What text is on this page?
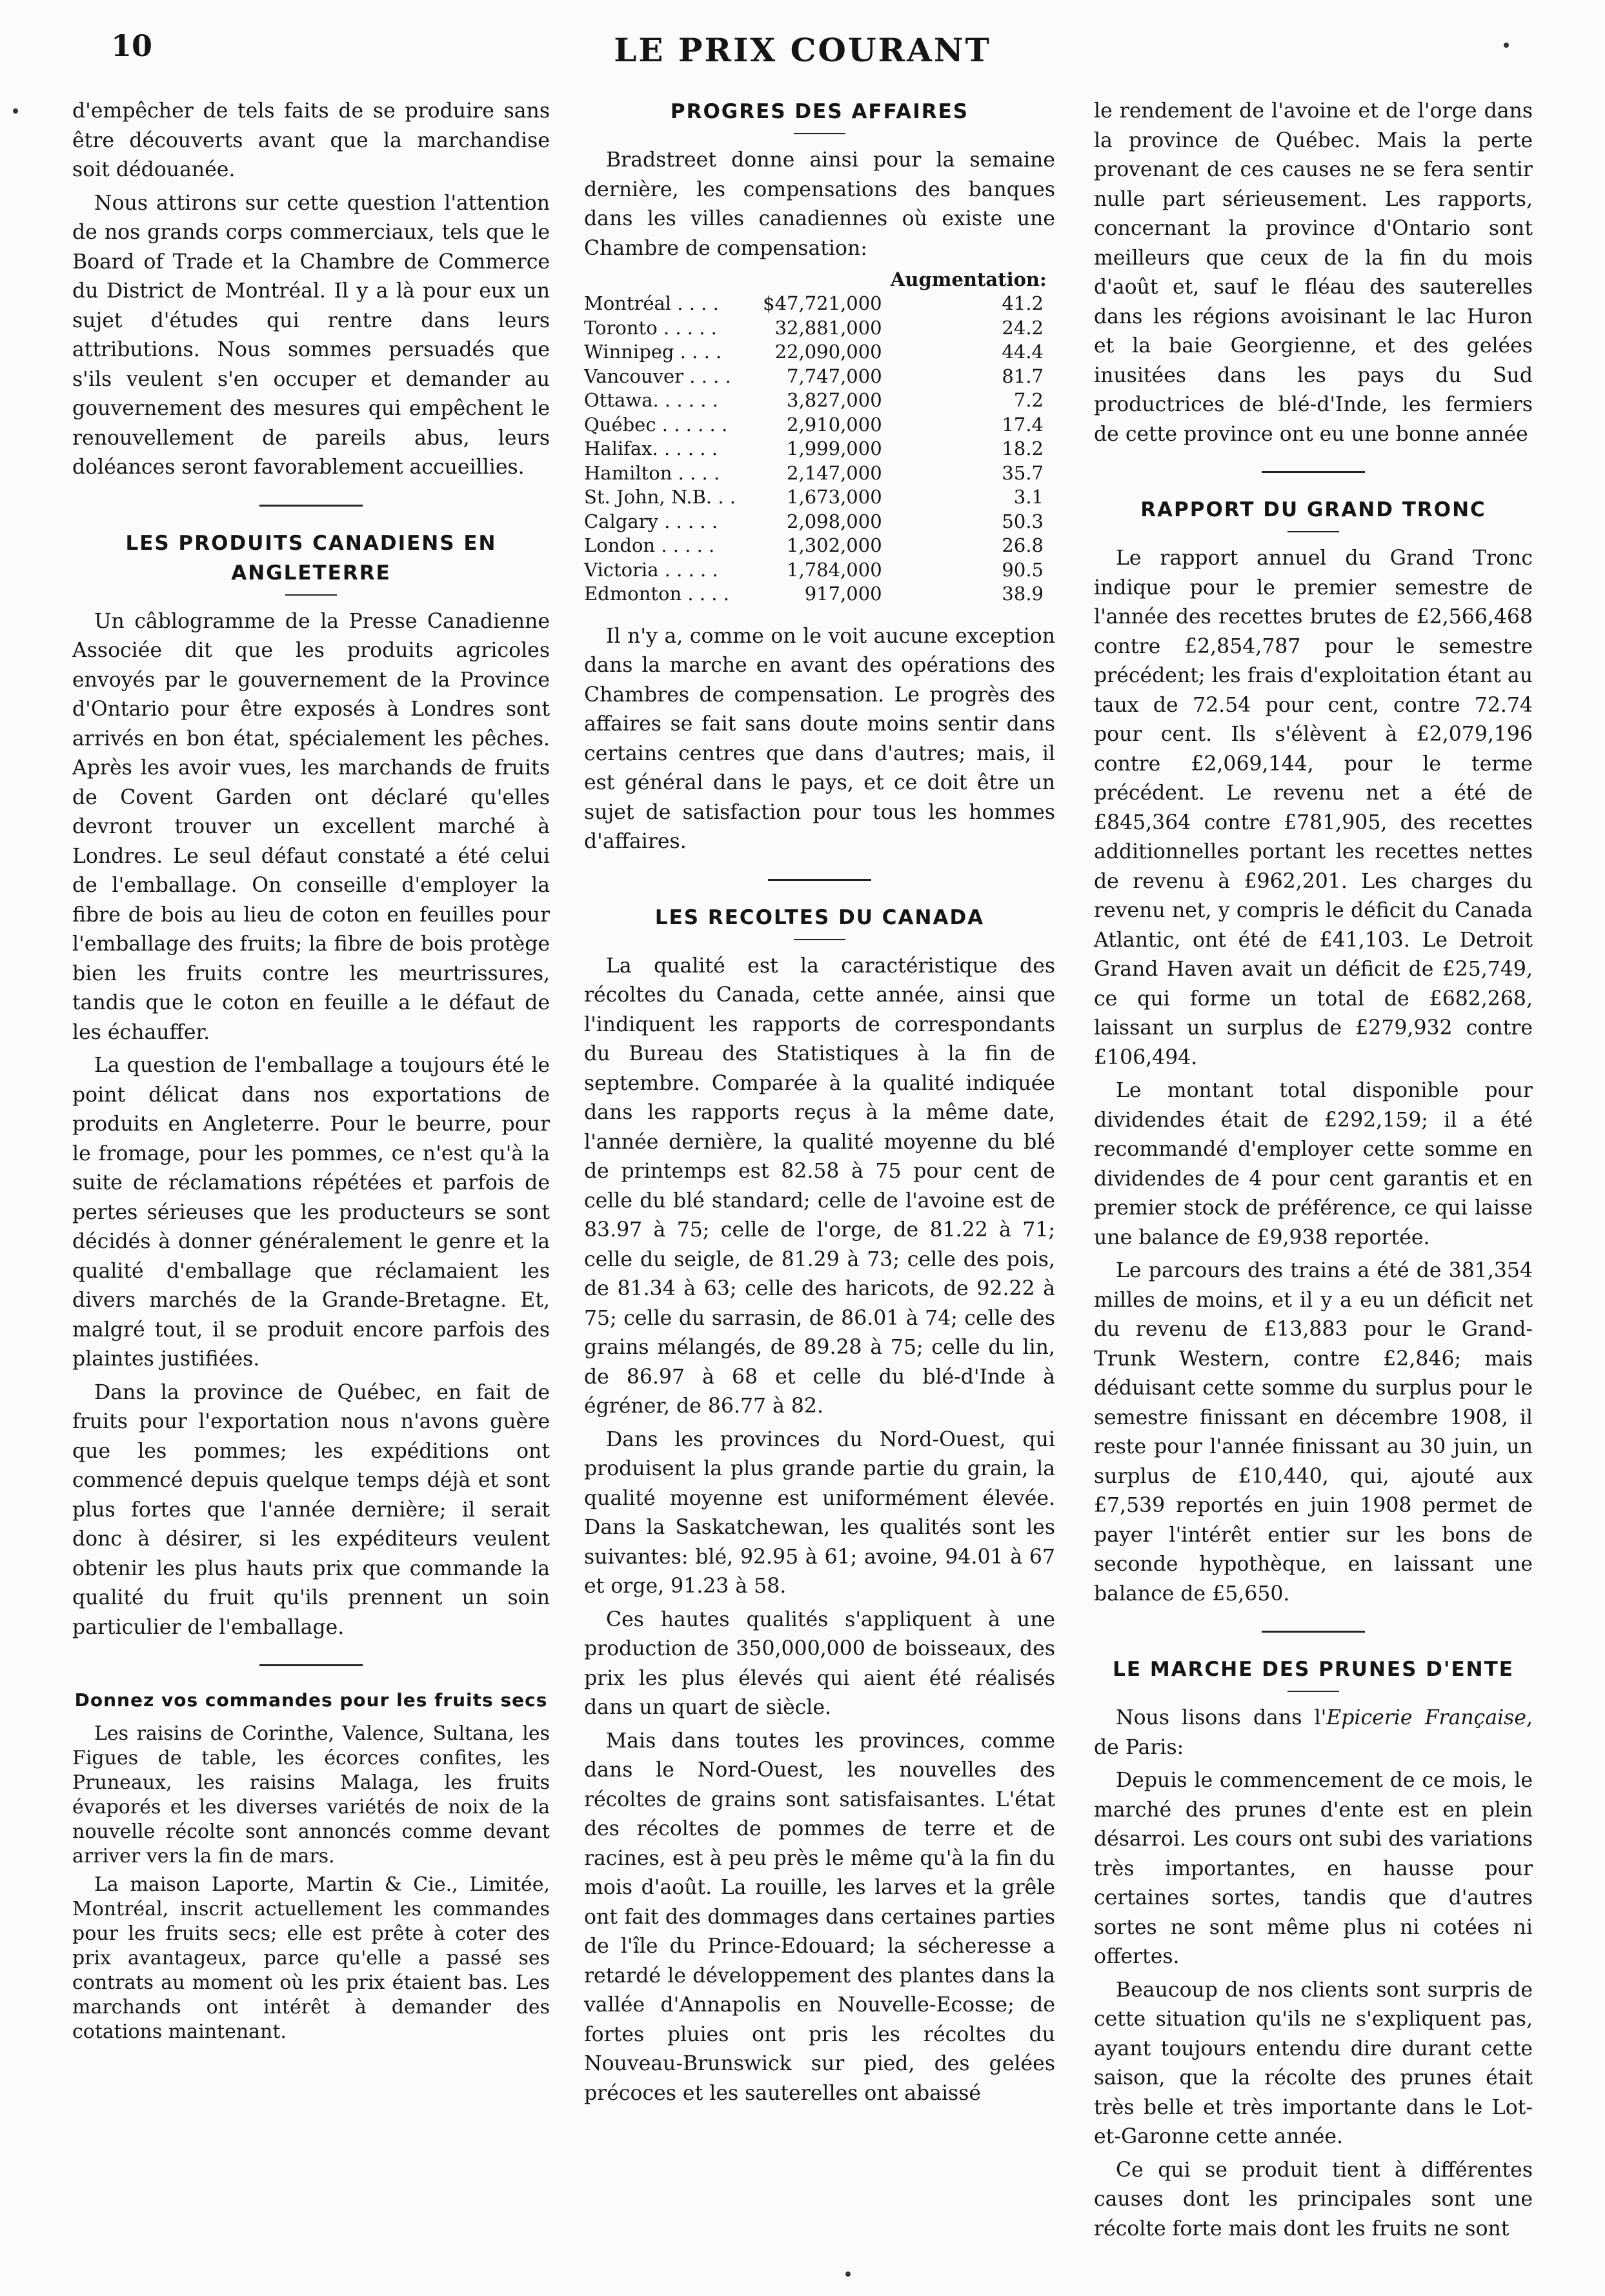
10	LE PRIX COURANT

d'empêcher de tels faits de se produire sans être découverts avant que la marchandise soit dédouanée.

Nous attirons sur cette question l'attention de nos grands corps commerciaux, tels que le Board of Trade et la Chambre de Commerce du District de Montréal. Il y a là pour eux un sujet d'études qui rentre dans leurs attributions. Nous sommes persuadés que s'ils veulent s'en occuper et demander au gouvernement des mesures qui empêchent le renouvellement de pareils abus, leurs doléances seront favorablement accueillies.

LES PRODUITS CANADIENS EN ANGLETERRE

Un câblogramme de la Presse Canadienne Associée dit que les produits agricoles envoyés par le gouvernement de la Province d'Ontario pour être exposés à Londres sont arrivés en bon état, spécialement les pêches. Après les avoir vues, les marchands de fruits de Covent Garden ont déclaré qu'elles devront trouver un excellent marché à Londres. Le seul défaut constaté a été celui de l'emballage. On conseille d'employer la fibre de bois au lieu de coton en feuilles pour l'emballage des fruits; la fibre de bois protège bien les fruits contre les meurtrissures, tandis que le coton en feuille a le défaut de les échauffer.

La question de l'emballage a toujours été le point délicat dans nos exportations de produits en Angleterre. Pour le beurre, pour le fromage, pour les pommes, ce n'est qu'à la suite de réclamations répétées et parfois de pertes sérieuses que les producteurs se sont décidés à donner généralement le genre et la qualité d'emballage que réclamaient les divers marchés de la Grande-Bretagne. Et, malgré tout, il se produit encore parfois des plaintes justifiées.

Dans la province de Québec, en fait de fruits pour l'exportation nous n'avons guère que les pommes; les expéditions ont commencé depuis quelque temps déjà et sont plus fortes que l'année dernière; il serait donc à désirer, si les expéditeurs veulent obtenir les plus hauts prix que commande la qualité du fruit qu'ils prennent un soin particulier de l'emballage.

Donnez vos commandes pour les fruits secs

Les raisins de Corinthe, Valence, Sultana, les Figues de table, les écorces confites, les Pruneaux, les raisins Malaga, les fruits évaporés et les diverses variétés de noix de la nouvelle récolte sont annoncés comme devant arriver vers la fin de mars.

La maison Laporte, Martin & Cie., Limitée, Montréal, inscrit actuellement les commandes pour les fruits secs; elle est prête à coter des prix avantageux, parce qu'elle a passé ses contrats au moment où les prix étaient bas. Les marchands ont intérêt à demander des cotations maintenant.

PROGRES DES AFFAIRES

Bradstreet donne ainsi pour la semaine dernière, les compensations des banques dans les villes canadiennes où existe une Chambre de compensation:

		Augmentation:
Montréal . . . .	$47,721,000	41.2
Toronto . . . . .	32,881,000	24.2
Winnipeg . . . .	22,090,000	44.4
Vancouver . . . .	7,747,000	81.7
Ottawa. . . . . .	3,827,000	7.2
Québec . . . . . .	2,910,000	17.4
Halifax. . . . . .	1,999,000	18.2
Hamilton . . . .	2,147,000	35.7
St. John, N.B. . .	1,673,000	3.1
Calgary . . . . .	2,098,000	50.3
London . . . . .	1,302,000	26.8
Victoria . . . . .	1,784,000	90.5
Edmonton . . . .	917,000	38.9

Il n'y a, comme on le voit aucune exception dans la marche en avant des opérations des Chambres de compensation. Le progrès des affaires se fait sans doute moins sentir dans certains centres que dans d'autres; mais, il est général dans le pays, et ce doit être un sujet de satisfaction pour tous les hommes d'affaires.

LES RECOLTES DU CANADA

La qualité est la caractéristique des récoltes du Canada, cette année, ainsi que l'indiquent les rapports de correspondants du Bureau des Statistiques à la fin de septembre. Comparée à la qualité indiquée dans les rapports reçus à la même date, l'année dernière, la qualité moyenne du blé de printemps est 82.58 à 75 pour cent de celle du blé standard; celle de l'avoine est de 83.97 à 75; celle de l'orge, de 81.22 à 71; celle du seigle, de 81.29 à 73; celle des pois, de 81.34 à 63; celle des haricots, de 92.22 à 75; celle du sarrasin, de 86.01 à 74; celle des grains mélangés, de 89.28 à 75; celle du lin, de 86.97 à 68 et celle du blé-d'Inde à égréner, de 86.77 à 82.

Dans les provinces du Nord-Ouest, qui produisent la plus grande partie du grain, la qualité moyenne est uniformément élevée. Dans la Saskatchewan, les qualités sont les suivantes: blé, 92.95 à 61; avoine, 94.01 à 67 et orge, 91.23 à 58.

Ces hautes qualités s'appliquent à une production de 350,000,000 de boisseaux, des prix les plus élevés qui aient été réalisés dans un quart de siècle.

Mais dans toutes les provinces, comme dans le Nord-Ouest, les nouvelles des récoltes de grains sont satisfaisantes. L'état des récoltes de pommes de terre et de racines, est à peu près le même qu'à la fin du mois d'août. La rouille, les larves et la grêle ont fait des dommages dans certaines parties de l'île du Prince-Edouard; la sécheresse a retardé le développement des plantes dans la vallée d'Annapolis en Nouvelle-Ecosse; de fortes pluies ont pris les récoltes du Nouveau-Brunswick sur pied, des gelées précoces et les sauterelles ont abaissé

le rendement de l'avoine et de l'orge dans la province de Québec. Mais la perte provenant de ces causes ne se fera sentir nulle part sérieusement. Les rapports, concernant la province d'Ontario sont meilleurs que ceux de la fin du mois d'août et, sauf le fléau des sauterelles dans les régions avoisinant le lac Huron et la baie Georgienne, et des gelées inusitées dans les pays du Sud productrices de blé-d'Inde, les fermiers de cette province ont eu une bonne année

RAPPORT DU GRAND TRONC

Le rapport annuel du Grand Tronc indique pour le premier semestre de l'année des recettes brutes de £2,566,468 contre £2,854,787 pour le semestre précédent; les frais d'exploitation étant au taux de 72.54 pour cent, contre 72.74 pour cent. Ils s'élèvent à £2,079,196 contre £2,069,144, pour le terme précédent. Le revenu net a été de £845,364 contre £781,905, des recettes additionnelles portant les recettes nettes de revenu à £962,201. Les charges du revenu net, y compris le déficit du Canada Atlantic, ont été de £41,103. Le Detroit Grand Haven avait un déficit de £25,749, ce qui forme un total de £682,268, laissant un surplus de £279,932 contre £106,494.

Le montant total disponible pour dividendes était de £292,159; il a été recommandé d'employer cette somme en dividendes de 4 pour cent garantis et en premier stock de préférence, ce qui laisse une balance de £9,938 reportée.

Le parcours des trains a été de 381,354 milles de moins, et il y a eu un déficit net du revenu de £13,883 pour le Grand-Trunk Western, contre £2,846; mais déduisant cette somme du surplus pour le semestre finissant en décembre 1908, il reste pour l'année finissant au 30 juin, un surplus de £10,440, qui, ajouté aux £7,539 reportés en juin 1908 permet de payer l'intérêt entier sur les bons de seconde hypothèque, en laissant une balance de £5,650.

LE MARCHE DES PRUNES D'ENTE

Nous lisons dans l'Epicerie Française, de Paris:

Depuis le commencement de ce mois, le marché des prunes d'ente est en plein désarroi. Les cours ont subi des variations très importantes, en hausse pour certaines sortes, tandis que d'autres sortes ne sont même plus ni cotées ni offertes.

Beaucoup de nos clients sont surpris de cette situation qu'ils ne s'expliquent pas, ayant toujours entendu dire durant cette saison, que la récolte des prunes était très belle et très importante dans le Lot-et-Garonne cette année.

Ce qui se produit tient à différentes causes dont les principales sont une récolte forte mais dont les fruits ne sont
